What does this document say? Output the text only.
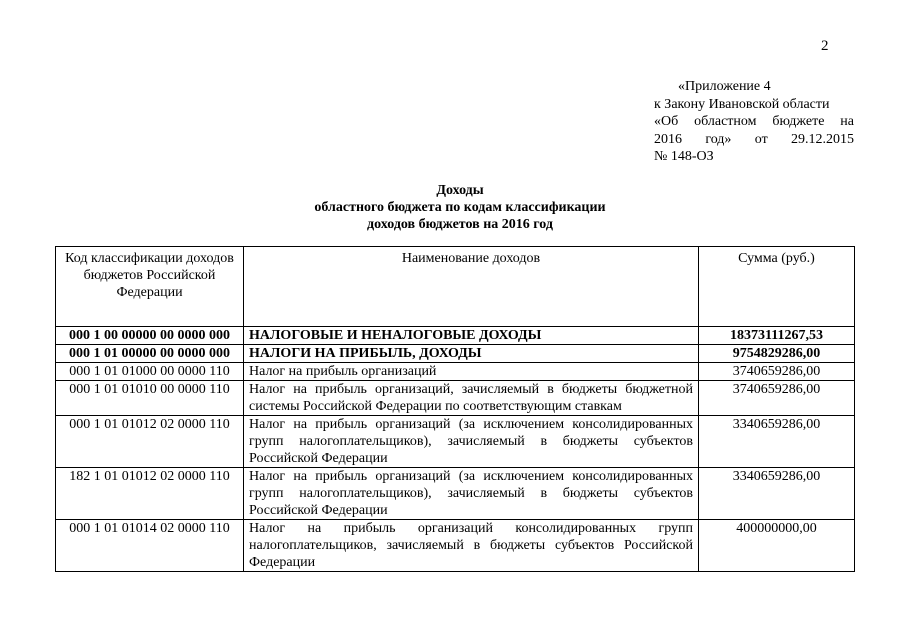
2
«Приложение 4
к Закону Ивановской области
«Об областном бюджете на
2016 год» от 29.12.2015
№ 148-ОЗ
Доходы
областного бюджета по кодам классификации
доходов бюджетов на 2016 год
Код классификации доходов бюджетов Российской Федерации	Наименование доходов	Сумма (руб.)
000 1 00 00000 00 0000 000	НАЛОГОВЫЕ И НЕНАЛОГОВЫЕ ДОХОДЫ	18373111267,53
000 1 01 00000 00 0000 000	НАЛОГИ НА ПРИБЫЛЬ, ДОХОДЫ	9754829286,00
000 1 01 01000 00 0000 110	Налог на прибыль организаций	3740659286,00
000 1 01 01010 00 0000 110	Налог на прибыль организаций, зачисляемый в бюджеты бюджетной системы Российской Федерации по соответствующим ставкам	3740659286,00
000 1 01 01012 02 0000 110	Налог на прибыль организаций (за исключением консолидированных групп налогоплательщиков), зачисляемый в бюджеты субъектов Российской Федерации	3340659286,00
182 1 01 01012 02 0000 110	Налог на прибыль организаций (за исключением консолидированных групп налогоплательщиков), зачисляемый в бюджеты субъектов Российской Федерации	3340659286,00
000 1 01 01014 02 0000 110	Налог на прибыль организаций консолидированных групп налогоплательщиков, зачисляемый в бюджеты субъектов Российской Федерации	400000000,00
